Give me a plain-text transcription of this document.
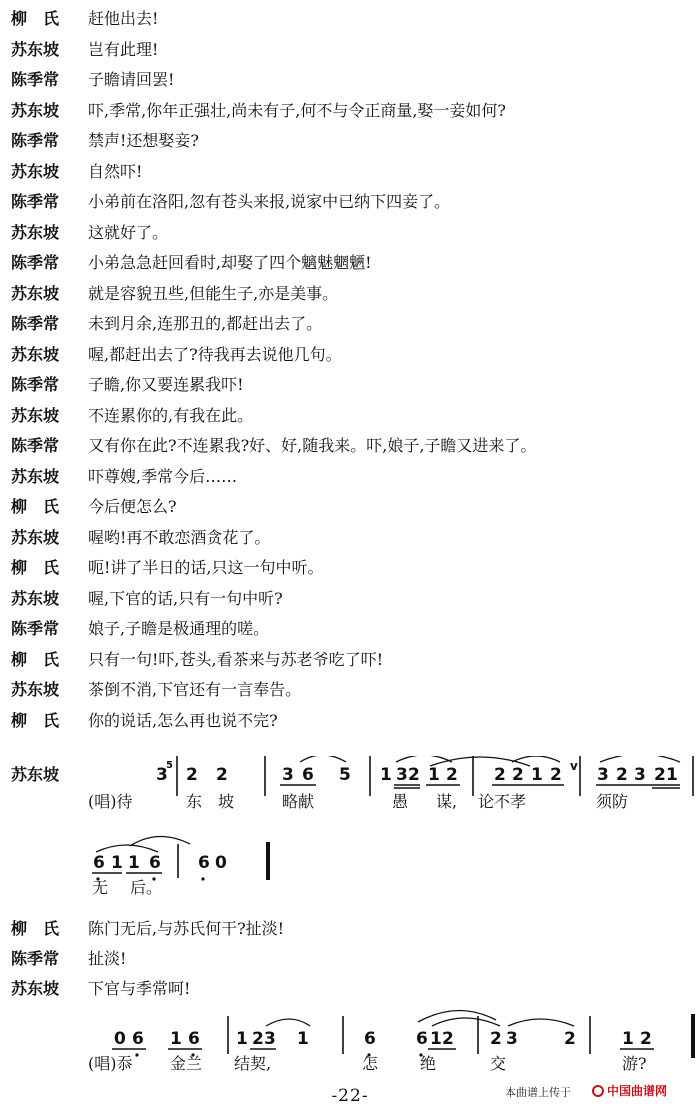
柳　氏	赶他出去!
苏东坡	岂有此理!
陈季常	子瞻请回罢!
苏东坡	吓,季常,你年正强壮,尚未有子,何不与令正商量,娶一妾如何?
陈季常	禁声!还想娶妾?
苏东坡	自然吓!
陈季常	小弟前在洛阳,忽有苍头来报,说家中已纳下四妾了。
苏东坡	这就好了。
陈季常	小弟急急赶回看时,却娶了四个魑魅魍魉!
苏东坡	就是容貌丑些,但能生子,亦是美事。
陈季常	未到月余,连那丑的,都赶出去了。
苏东坡	喔,都赶出去了?待我再去说他几句。
陈季常	子瞻,你又要连累我吓!
苏东坡	不连累你的,有我在此。
陈季常	又有你在此?不连累我?好、好,随我来。吓,娘子,子瞻又进来了。
苏东坡	吓尊嫂,季常今后……
柳　氏	今后便怎么?
苏东坡	喔哟!再不敢恋酒贪花了。
柳　氏	呃!讲了半日的话,只这一句中听。
苏东坡	喔,下官的话,只有一句中听?
陈季常	娘子,子瞻是极通理的嗟。
柳　氏	只有一句!吓,苍头,看茶来与苏老爷吃了吓!
苏东坡	茶倒不消,下官还有一言奉告。
柳　氏	你的说话,怎么再也说不完?
苏东坡	3
5 2 2	3 6 5 1 3 2 1 2 2 2 1 2 v 3 2 3 2 1
6 1 1 6 6 0
(唱)待	东 坡	略献	愚 谋, 论不孝	须防
无 后。
柳　氏	陈门无后,与苏氏何干?扯淡!
陈季常	扯淡!
苏东坡	下官与季常呵!
0 6 1 6 1 2 3 1	6 6 1 2 2 3	2	1 2
(唱)忝 金兰 结契,	怎	绝	交	游?
-22-	本曲谱上传于	中国曲谱网
